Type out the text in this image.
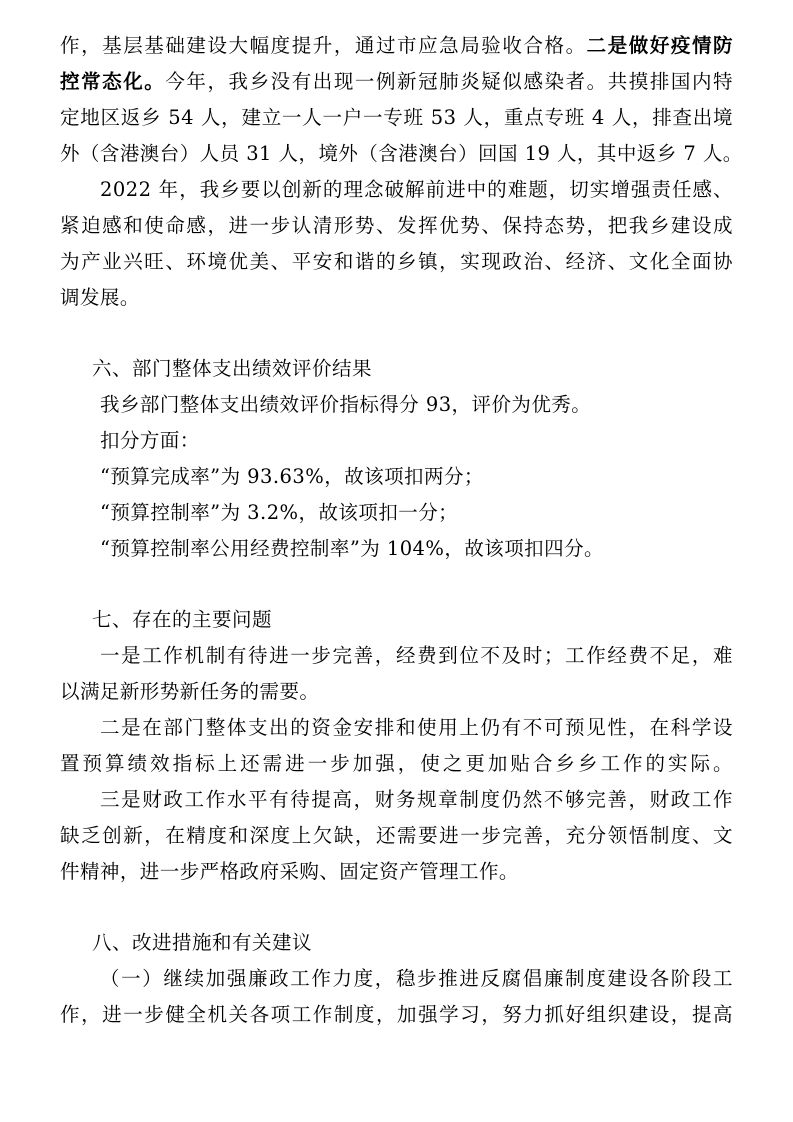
作，基层基础建设大幅度提升，通过市应急局验收合格。二是做好疫情防
控常态化。今年，我乡没有出现一例新冠肺炎疑似感染者。共摸排国内特
定地区返乡 54 人，建立一人一户一专班 53 人，重点专班 4 人，排查出境
外（含港澳台）人员 31 人，境外（含港澳台）回国 19 人，其中返乡 7 人。
2022 年，我乡要以创新的理念破解前进中的难题，切实增强责任感、
紧迫感和使命感，进一步认清形势、发挥优势、保持态势，把我乡建设成
为产业兴旺、环境优美、平安和谐的乡镇，实现政治、经济、文化全面协
调发展。
六、部门整体支出绩效评价结果
我乡部门整体支出绩效评价指标得分 93，评价为优秀。
扣分方面：
“预算完成率”为 93.63%，故该项扣两分；
“预算控制率”为 3.2%，故该项扣一分；
“预算控制率公用经费控制率”为 104%，故该项扣四分。
七、存在的主要问题
一是工作机制有待进一步完善，经费到位不及时；工作经费不足，难
以满足新形势新任务的需要。
二是在部门整体支出的资金安排和使用上仍有不可预见性，在科学设
置预算绩效指标上还需进一步加强，使之更加贴合乡乡工作的实际。
三是财政工作水平有待提高，财务规章制度仍然不够完善，财政工作
缺乏创新，在精度和深度上欠缺，还需要进一步完善，充分领悟制度、文
件精神，进一步严格政府采购、固定资产管理工作。
八、改进措施和有关建议
（一）继续加强廉政工作力度，稳步推进反腐倡廉制度建设各阶段工
作，进一步健全机关各项工作制度，加强学习，努力抓好组织建设，提高
